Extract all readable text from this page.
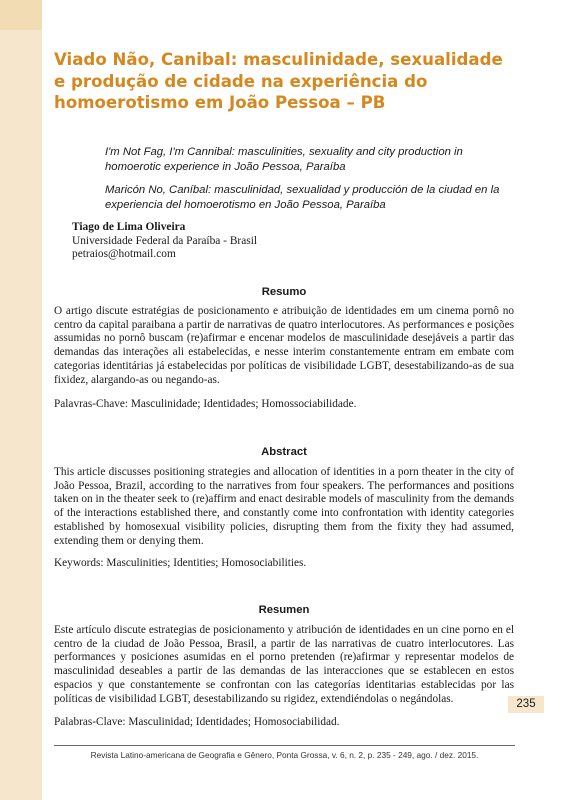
Viado Não, Canibal: masculinidade, sexualidade e produção de cidade na experiência do homoerotismo em João Pessoa – PB

I'm Not Fag, I'm Cannibal: masculinities, sexuality and city production in homoerotic experience in João Pessoa, Paraíba

Maricón No, Caníbal: masculinidad, sexualidad y producción de la ciudad en la experiencia del homoerotismo en João Pessoa, Paraíba

Tiago de Lima Oliveira
Universidade Federal da Paraíba - Brasil
petraios@hotmail.com
Resumo

O artigo discute estratégias de posicionamento e atribuição de identidades em um cinema pornô no centro da capital paraibana a partir de narrativas de quatro interlocutores. As performances e posições assumidas no pornô buscam (re)afirmar e encenar modelos de masculinidade desejáveis a partir das demandas das interações ali estabelecidas, e nesse interim constantemente entram em embate com categorias identitárias já estabelecidas por políticas de visibilidade LGBT, desestabilizando-as de sua fixidez, alargando-as ou negando-as.

Palavras-Chave: Masculinidade; Identidades; Homossociabilidade.

Abstract

This article discusses positioning strategies and allocation of identities in a porn theater in the city of João Pessoa, Brazil, according to the narratives from four speakers. The performances and positions taken on in the theater seek to (re)affirm and enact desirable models of masculinity from the demands of the interactions established there, and constantly come into confrontation with identity categories established by homosexual visibility policies, disrupting them from the fixity they had assumed, extending them or denying them.

Keywords: Masculinities; Identities; Homosociabilities.

Resumen

Este artículo discute estrategias de posicionamento y atribución de identidades en un cine porno en el centro de la ciudad de João Pessoa, Brasil, a partir de las narrativas de cuatro interlocutores. Las performances y posiciones asumidas en el porno pretenden (re)afirmar y representar modelos de masculinidad deseables a partir de las demandas de las interacciones que se establecen en estos espacios y que constantemente se confrontan con las categorías identitarias establecidas por las políticas de visibilidad LGBT, desestabilizando su rigidez, extendiéndolas o negándolas.

Palabras-Clave: Masculinidad; Identidades; Homosociabilidad.

235
Revista Latino-americana de Geografia e Gênero, Ponta Grossa, v. 6, n. 2, p. 235 - 249, ago. / dez. 2015.
